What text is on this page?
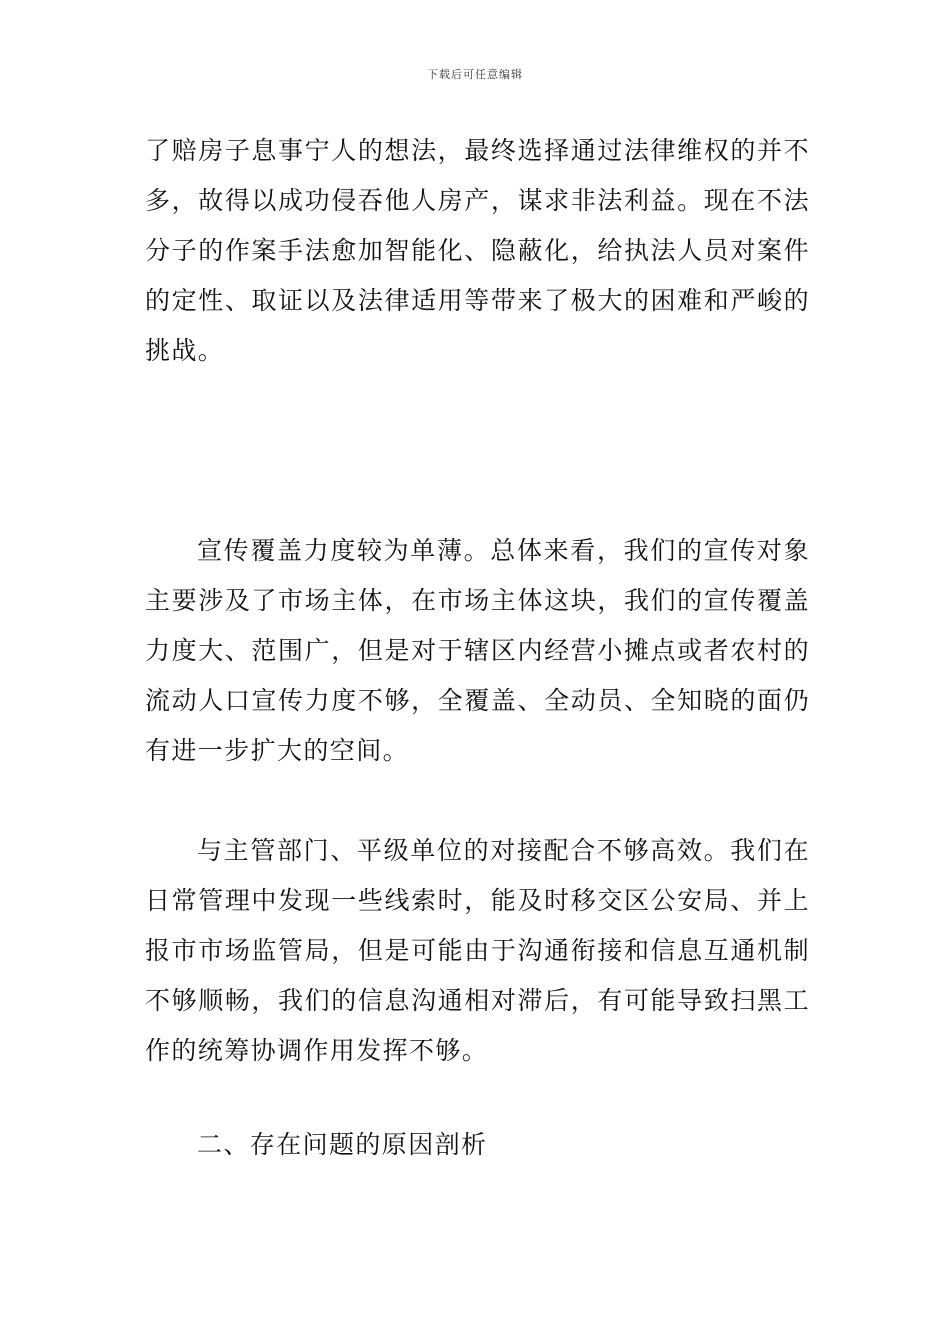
下载后可任意编辑

了赔房子息事宁人的想法，最终选择通过法律维权的并不多，故得以成功侵吞他人房产，谋求非法利益。现在不法分子的作案手法愈加智能化、隐蔽化，给执法人员对案件的定性、取证以及法律适用等带来了极大的困难和严峻的挑战。

宣传覆盖力度较为单薄。总体来看，我们的宣传对象主要涉及了市场主体，在市场主体这块，我们的宣传覆盖力度大、范围广，但是对于辖区内经营小摊点或者农村的流动人口宣传力度不够，全覆盖、全动员、全知晓的面仍有进一步扩大的空间。

与主管部门、平级单位的对接配合不够高效。我们在日常管理中发现一些线索时，能及时移交区公安局、并上报市市场监管局，但是可能由于沟通衔接和信息互通机制不够顺畅，我们的信息沟通相对滞后，有可能导致扫黑工作的统筹协调作用发挥不够。

二、存在问题的原因剖析
